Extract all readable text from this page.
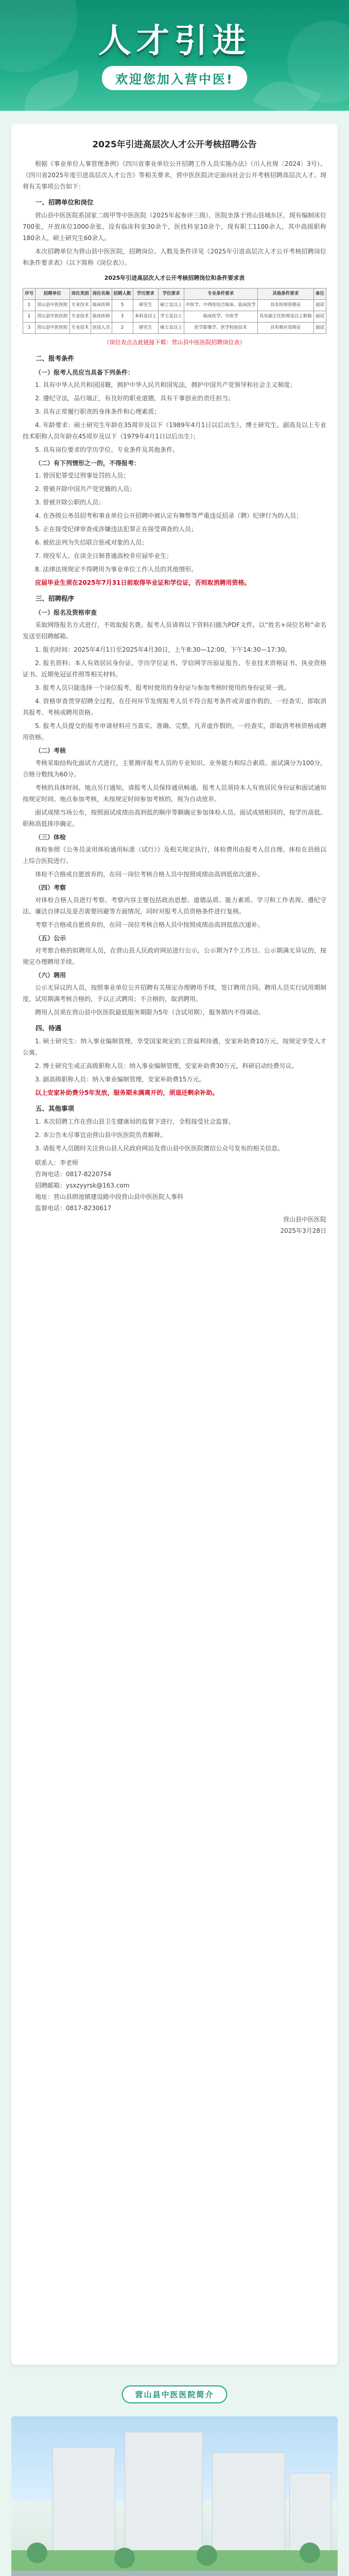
人才引进
欢迎您加入营中医!
2025年引进高层次人才公开考核招聘公告

根据《事业单位人事管理条例》《四川省事业单位公开招聘工作人员实施办法》（川人社规〔2024〕3号）、《四川省2025年度引进高层次人才公告》等相关要求，营中医医院决定面向社会公开考核招聘高层次人才。现将有关事项公告如下：

一、招聘单位和岗位

营山县中医医院系国家二级甲等中医医院（2025年起参评三级），医院坐落于营山县城东区，现有编制床位700张，开放床位1000余张，设有临床科室30余个，医技科室10余个，现有职工1100余人，其中高级职称180余人，硕士研究生60余人。

本次招聘单位为营山县中医医院，招聘岗位、人数及条件详见《2025年引进高层次人才公开考核招聘岗位和条件要求表》（以下简称《岗位表》）。

2025年引进高层次人才公开考核招聘岗位和条件要求表
序号	招聘单位	岗位类别	岗位名称	招聘人数	学历要求	学位要求	专业条件要求	其他条件要求	备注
1	营山县中医医院	专业技术	临床医师	5	研究生	硕士及以上	中医学、中西医结合临床、临床医学	具有医师资格证	面试
2	营山县中医医院	专业技术	临床医师	3	本科及以上	学士及以上	临床医学、中医学	具有副主任医师及以上职称	面试
3	营山县中医医院	专业技术	医技人员	2	研究生	硕士及以上	医学影像学、医学检验技术	具有相应资格证	面试
（岗位表点击此链接下载：营山县中医医院招聘岗位表）
二、报考条件
（一）报考人员应当具备下列条件：

1. 具有中华人民共和国国籍，拥护中华人民共和国宪法，拥护中国共产党领导和社会主义制度；

2. 遵纪守法，品行端正，有良好的职业道德，具有干事创业的责任担当；

3. 具有正常履行职责的身体条件和心理素质；

4. 年龄要求：硕士研究生年龄在35周岁及以下（1989年4月1日以后出生），博士研究生、副高及以上专业技术职称人员年龄在45周岁及以下（1979年4月1日以后出生）；

5. 具有岗位要求的学历学位、专业条件及其他条件。

（二）有下列情形之一的，不得报考：

1. 曾因犯罪受过刑事处罚的人员；

2. 曾被开除中国共产党党籍的人员；

3. 曾被开除公职的人员；

4. 在各级公务员招考和事业单位公开招聘中被认定有舞弊等严重违反招录（聘）纪律行为的人员；

5. 正在接受纪律审查或涉嫌违法犯罪正在接受调查的人员；

6. 被依法列为失信联合惩戒对象的人员；

7. 现役军人、在读全日制普通高校非应届毕业生；

8. 法律法规规定不得聘用为事业单位工作人员的其他情形。

应届毕业生须在2025年7月31日前取得毕业证和学位证，否则取消聘用资格。

三、招聘程序
（一）报名及资格审查

采取网络报名方式进行，不收取报名费。报考人员请将以下资料扫描为PDF文件，以“姓名+岗位名称”命名发送至招聘邮箱。

1. 报名时间：2025年4月1日至2025年4月30日，上午8:30—12:00，下午14:30—17:30。

2. 报名资料：本人有效居民身份证、学历学位证书、学信网学历验证报告、专业技术资格证书、执业资格证书、近期免冠证件照等相关材料。

3. 报考人员只能选择一个岗位报考，报考时使用的身份证与参加考核时使用的身份证须一致。

4. 资格审查贯穿招聘全过程，在任何环节发现报考人员不符合报考条件或弄虚作假的，一经查实，即取消其报考、考核或聘用资格。

5. 报考人员提交的报考申请材料应当真实、准确、完整，凡弄虚作假的，一经查实，即取消考核资格或聘用资格。

（二）考核

考核采取结构化面试方式进行，主要测评报考人员的专业知识、业务能力和综合素质。面试满分为100分，合格分数线为60分。

考核的具体时间、地点另行通知，请报考人员保持通讯畅通。报考人员须持本人有效居民身份证和面试通知按规定时间、地点参加考核，未按规定时间参加考核的，视为自动放弃。

面试成绩当场公布，按照面试成绩由高到低的顺序等额确定参加体检人员。面试成绩相同的，按学历高低、职称高低排序确定。

（三）体检

体检参照《公务员录用体检通用标准（试行）》及相关规定执行，体检费用由报考人员自理。体检在县级以上综合医院进行。

体检不合格或自愿放弃的，在同一岗位考核合格人员中按照成绩由高到低依次递补。

（四）考察

对体检合格人员进行考察。考察内容主要包括政治思想、道德品质、能力素质、学习和工作表现、遵纪守法、廉洁自律以及是否需要回避等方面情况，同时对报考人员资格条件进行复核。

考察不合格或自愿放弃的，在同一岗位考核合格人员中按照成绩由高到低依次递补。

（五）公示

对考察合格的拟聘用人员，在营山县人民政府网站进行公示，公示期为7个工作日。公示期满无异议的，按规定办理聘用手续。

（六）聘用

公示无异议的人员，按照事业单位公开招聘有关规定办理聘用手续，签订聘用合同。聘用人员实行试用期制度，试用期满考核合格的，予以正式聘用；不合格的，取消聘用。

聘用人员须在营山县中医医院最低服务期限为5年（含试用期），服务期内不得调动。

四、待遇

1. 硕士研究生：纳入事业编制管理，享受国家规定的工资福利待遇，安家补助费10万元，按规定享受人才公寓。

2. 博士研究生或正高级职称人员：纳入事业编制管理，安家补助费30万元，科研启动经费另议。

3. 副高级职称人员：纳入事业编制管理，安家补助费15万元。

以上安家补助费分5年发放，服务期未满离开的，须退还剩余补助。

五、其他事项

1. 本次招聘工作在营山县卫生健康局的监督下进行，全程接受社会监督。

2. 本公告未尽事宜由营山县中医医院负责解释。

3. 请报考人员随时关注营山县人民政府网站及营山县中医医院微信公众号发布的相关信息。

联系人：李老师

咨询电话：0817-8220754

招聘邮箱：ysxzyyrsk@163.com

地址：营山县朗池镇建设路中段营山县中医医院人事科

监督电话：0817-8230617

营山县中医医院

2025年3月28日

营山县中医医院简介
